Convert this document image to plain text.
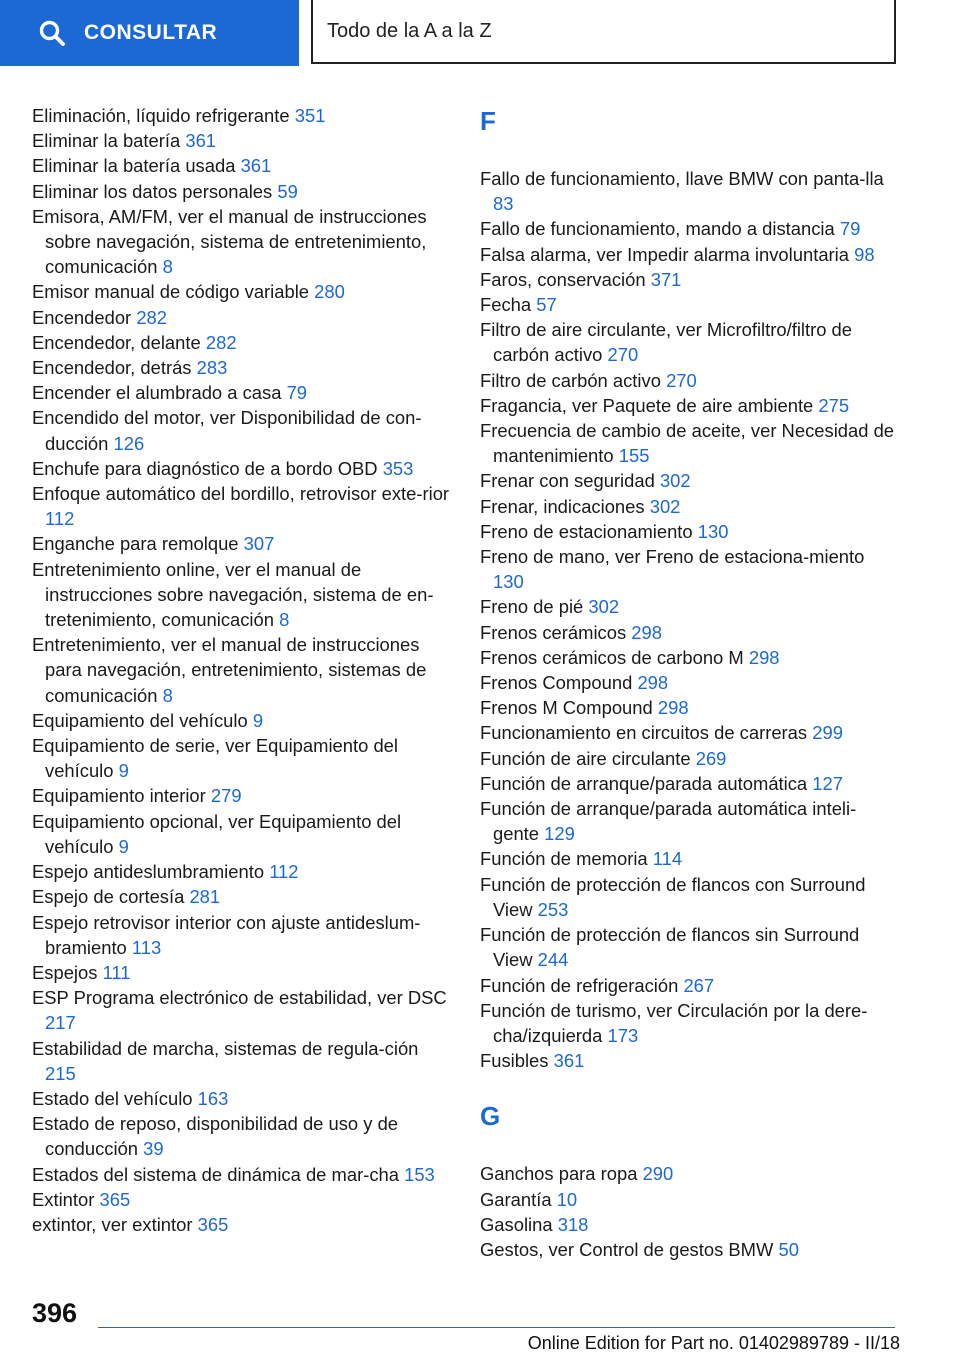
CONSULTAR	Todo de la A a la Z
Eliminación, líquido refrigerante 351
Eliminar la batería 361
Eliminar la batería usada 361
Eliminar los datos personales 59
Emisora, AM/FM, ver el manual de instrucciones sobre navegación, sistema de entretenimiento, comunicación 8
Emisor manual de código variable 280
Encendedor 282
Encendedor, delante 282
Encendedor, detrás 283
Encender el alumbrado a casa 79
Encendido del motor, ver Disponibilidad de con‐ducción 126
Enchufe para diagnóstico de a bordo OBD 353
Enfoque automático del bordillo, retrovisor exte‐rior 112
Enganche para remolque 307
Entretenimiento online, ver el manual de instrucciones sobre navegación, sistema de en‐tretenimiento, comunicación 8
Entretenimiento, ver el manual de instrucciones para navegación, entretenimiento, sistemas de comunicación 8
Equipamiento del vehículo 9
Equipamiento de serie, ver Equipamiento del vehículo 9
Equipamiento interior 279
Equipamiento opcional, ver Equipamiento del vehículo 9
Espejo antideslumbramiento 112
Espejo de cortesía 281
Espejo retrovisor interior con ajuste antideslum‐bramiento 113
Espejos 111
ESP Programa electrónico de estabilidad, ver DSC 217
Estabilidad de marcha, sistemas de regula‐ción 215
Estado del vehículo 163
Estado de reposo, disponibilidad de uso y de conducción 39
Estados del sistema de dinámica de mar‐cha 153
Extintor 365
extintor, ver extintor 365
F
Fallo de funcionamiento, llave BMW con panta‐lla 83
Fallo de funcionamiento, mando a distancia 79
Falsa alarma, ver Impedir alarma involuntaria 98
Faros, conservación 371
Fecha 57
Filtro de aire circulante, ver Microfiltro/filtro de carbón activo 270
Filtro de carbón activo 270
Fragancia, ver Paquete de aire ambiente 275
Frecuencia de cambio de aceite, ver Necesidad de mantenimiento 155
Frenar con seguridad 302
Frenar, indicaciones 302
Freno de estacionamiento 130
Freno de mano, ver Freno de estaciona‐miento 130
Freno de pié 302
Frenos cerámicos 298
Frenos cerámicos de carbono M 298
Frenos Compound 298
Frenos M Compound 298
Funcionamiento en circuitos de carreras 299
Función de aire circulante 269
Función de arranque/parada automática 127
Función de arranque/parada automática inteli‐gente 129
Función de memoria 114
Función de protección de flancos con Surround View 253
Función de protección de flancos sin Surround View 244
Función de refrigeración 267
Función de turismo, ver Circulación por la dere‐cha/izquierda 173
Fusibles 361
G
Ganchos para ropa 290
Garantía 10
Gasolina 318
Gestos, ver Control de gestos BMW 50
396
Online Edition for Part no. 01402989789 - II/18
